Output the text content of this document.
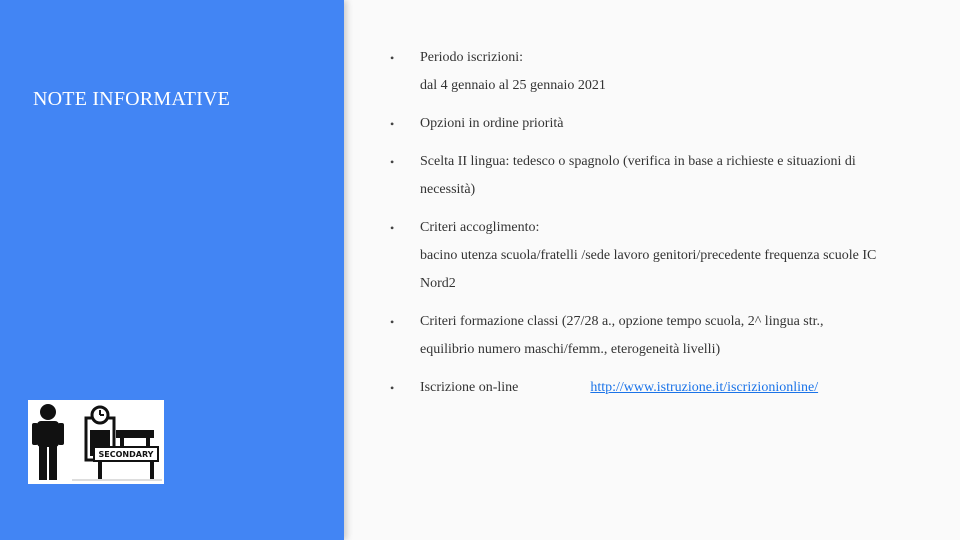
NOTE INFORMATIVE
SECONDARY
• Periodo iscrizioni:
dal 4 gennaio al 25 gennaio 2021
• Opzioni in ordine priorità
• Scelta II lingua: tedesco o spagnolo (verifica in base a richieste e situazioni di
necessità)
• Criteri accoglimento:
bacino utenza scuola/fratelli /sede lavoro genitori/precedente frequenza scuole IC
Nord2
• Criteri formazione classi (27/28 a., opzione tempo scuola, 2^ lingua str.,
equilibrio numero maschi/femm., eterogeneità livelli)
• Iscrizione on-line	http://www.istruzione.it/iscrizionionline/
